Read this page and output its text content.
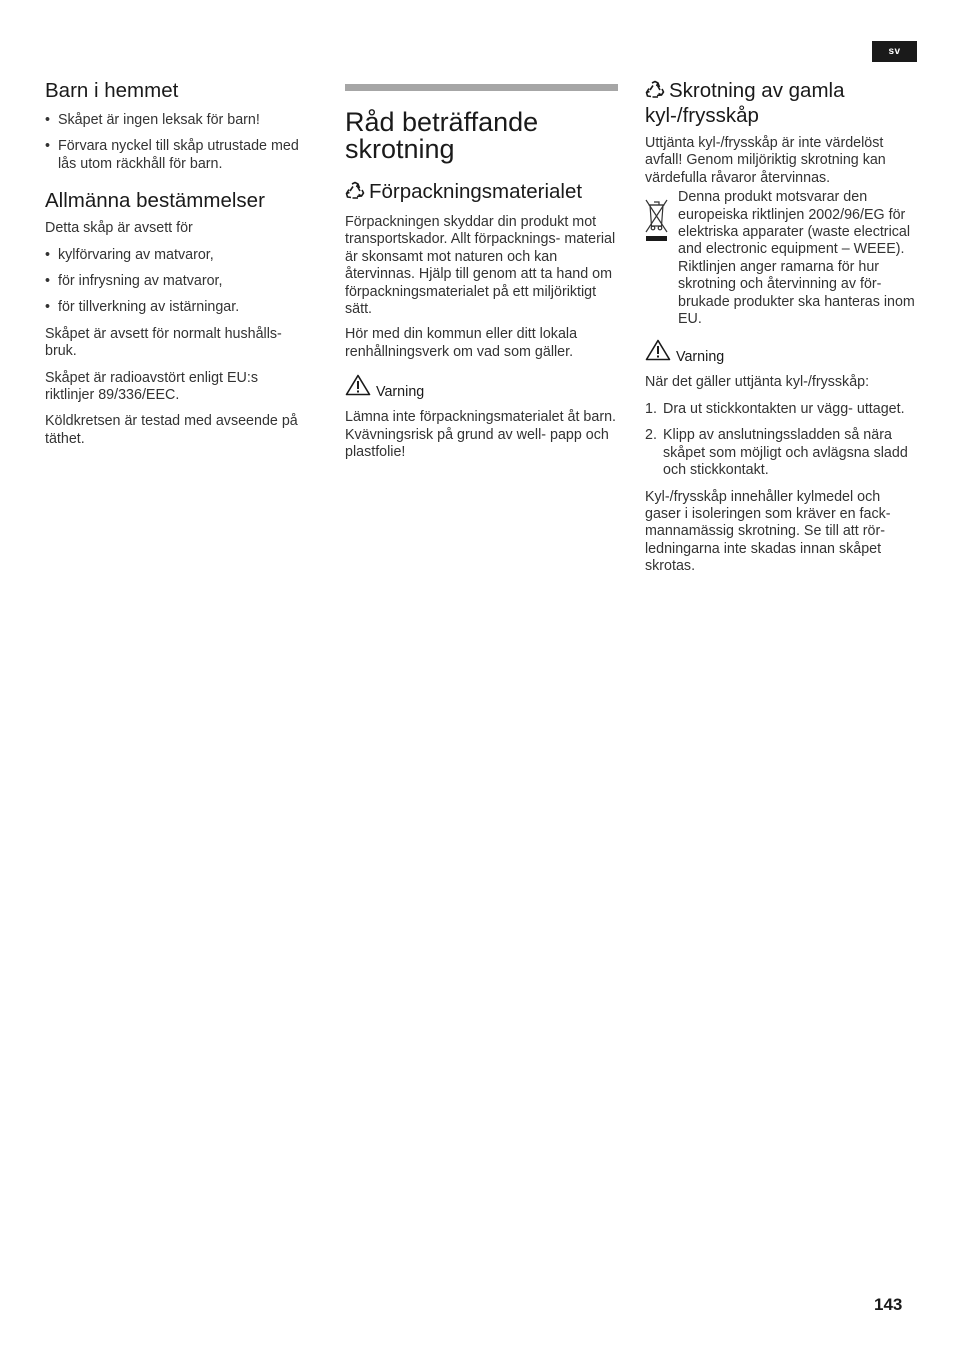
sv
Barn i hemmet
• Skåpet är ingen leksak för barn!
• Förvara nyckel till skåp utrustade med lås utom räckhåll för barn.
Allmänna bestämmelser

Detta skåp är avsett för

• kylförvaring av matvaror,
• för infrysning av matvaror,
• för tillverkning av istärningar.

Skåpet är avsett för normalt hushålls- bruk.

Skåpet är radioavstört enligt EU:s riktlinjer 89/336/EEC.

Köldkretsen är testad med avseende på täthet.

Råd beträffande skrotning
Förpackningsmaterialet

Förpackningen skyddar din produkt mot transportskador. Allt förpacknings- material är skonsamt mot naturen och kan återvinnas. Hjälp till genom att ta hand om förpackningsmaterialet på ett miljöriktigt sätt.

Hör med din kommun eller ditt lokala renhållningsverk om vad som gäller.

Varning

Lämna inte förpackningsmaterialet åt barn. Kvävningsrisk på grund av well- papp och plastfolie!

Skrotning av gamla kyl-/frysskåp

Uttjänta kyl-/frysskåp är inte värdelöst avfall! Genom miljöriktig skrotning kan värdefulla råvaror återvinnas.

Denna produkt motsvarar den europeiska riktlinjen 2002/96/EG för elektriska apparater (waste electrical and electronic equipment – WEEE). Riktlinjen anger ramarna för hur skrotning och återvinning av för- brukade produkter ska hanteras inom EU.

Varning

När det gäller uttjänta kyl-/frysskåp:

1. Dra ut stickkontakten ur vägg- uttaget.
2. Klipp av anslutningssladden så nära skåpet som möjligt och avlägsna sladd och stickkontakt.

Kyl-/frysskåp innehåller kylmedel och gaser i isoleringen som kräver en fack- mannamässig skrotning. Se till att rör- ledningarna inte skadas innan skåpet skrotas.

143
